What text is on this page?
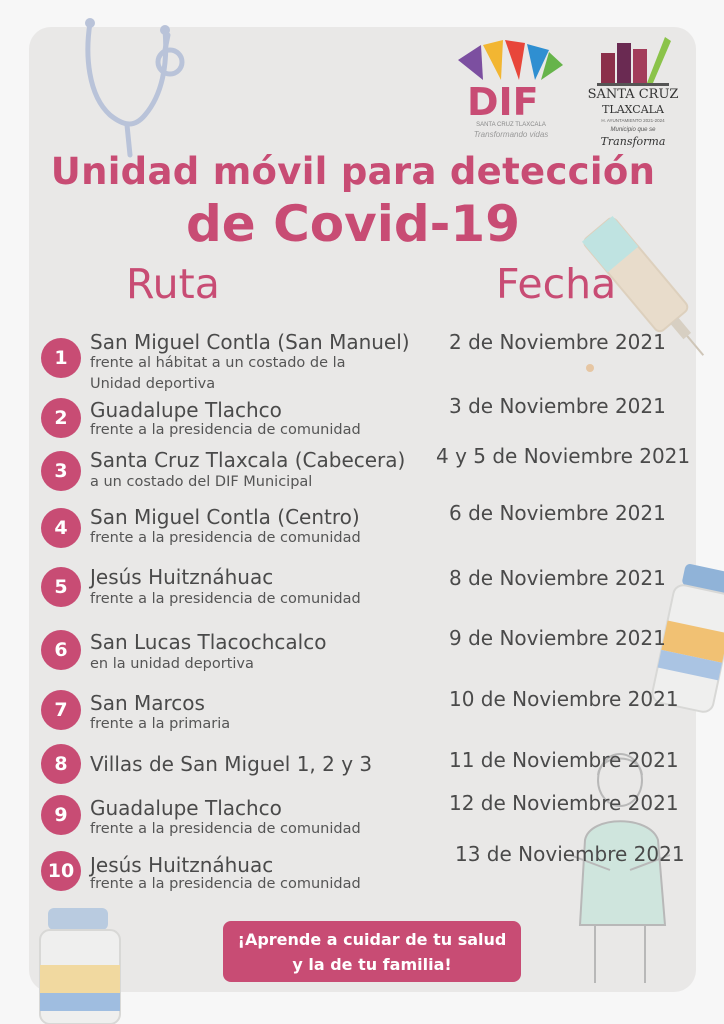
DIF
SANTA CRUZ TLAXCALA
Transformando vidas
SANTA CRUZ
TLAXCALA
H. AYUNTAMIENTO 2021-2024
Municipio que se
Transforma
Unidad móvil para detección
de Covid-19
Ruta	Fecha
1
San Miguel Contla (San Manuel)
frente al hábitat a un costado de la Unidad deportiva
2 de Noviembre 2021
2	Guadalupe Tlachco
frente a la presidencia de comunidad
3 de Noviembre 2021
3	Santa Cruz Tlaxcala (Cabecera)
a un costado del DIF Municipal
4 y 5 de Noviembre 2021
4	San Miguel Contla (Centro)
frente a la presidencia de comunidad
6 de Noviembre 2021
5	Jesús Huitznáhuac
frente a la presidencia de comunidad
8 de Noviembre 2021
6	San Lucas Tlacochcalco
en la unidad deportiva
9 de Noviembre 2021
7	San Marcos
frente a la primaria
10 de Noviembre 2021
8	Villas de San Miguel 1, 2 y 3	11 de Noviembre 2021
9	Guadalupe Tlachco
frente a la presidencia de comunidad
12 de Noviembre 2021
10 Jesús Huitznáhuac
frente a la presidencia de comunidad
13 de Noviembre 2021
¡Aprende a cuidar de tu salud
y la de tu familia!
